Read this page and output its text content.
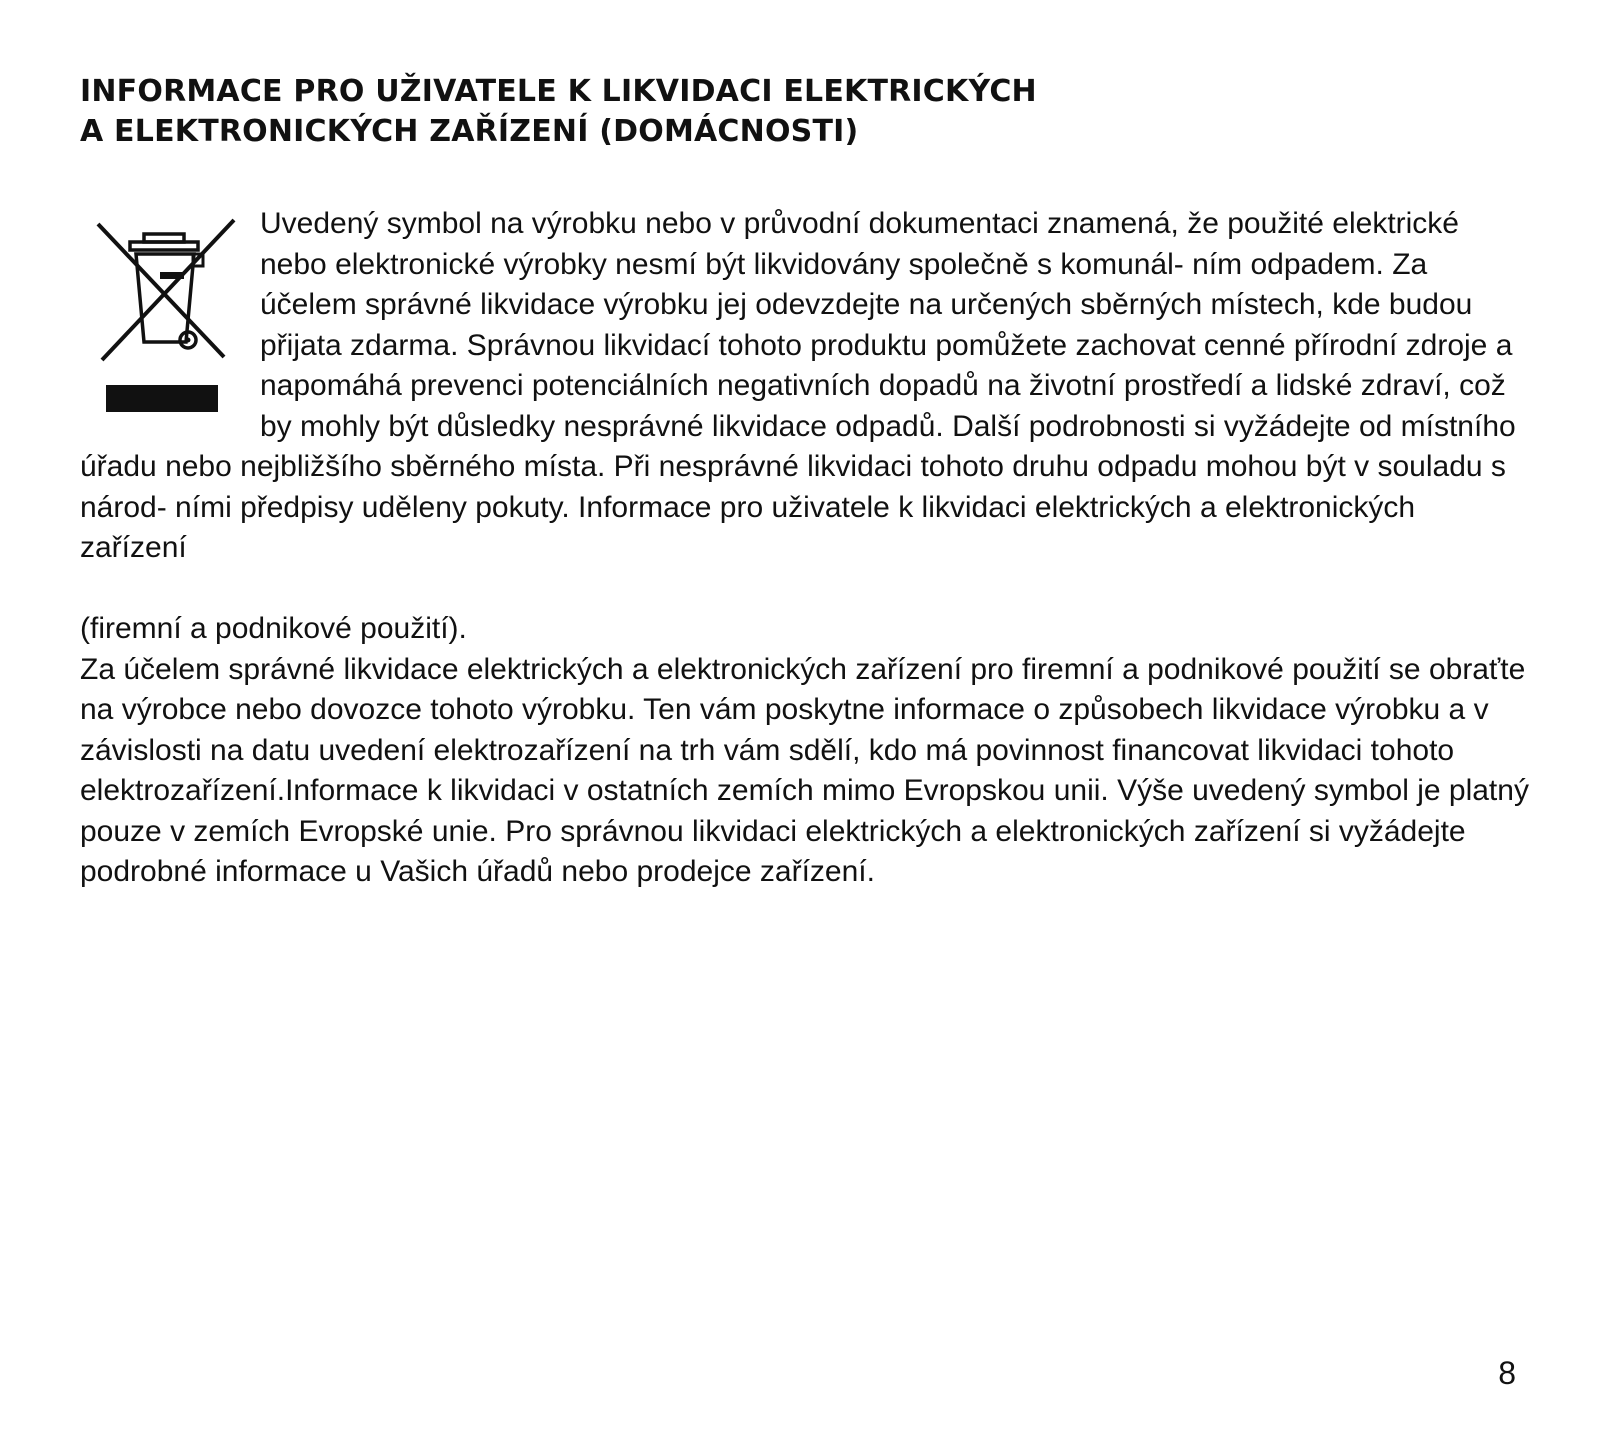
INFORMACE PRO UŽIVATELE K LIKVIDACI ELEKTRICKÝCH
A ELEKTRONICKÝCH ZAŘÍZENÍ (DOMÁCNOSTI)
Uvedený symbol na výrobku nebo v průvodní dokumentaci znamená, že použité elektrické nebo elektronické výrobky nesmí být likvidovány společně s komunál- ním odpadem. Za účelem správné likvidace výrobku jej odevzdejte na určených sběrných místech, kde budou přijata zdarma. Správnou likvidací tohoto produktu pomůžete zachovat cenné přírodní zdroje a napomáhá prevenci potenciálních negativních dopadů na životní prostředí a lidské zdraví, což by mohly být důsledky nesprávné likvidace odpadů. Další podrobnosti si vyžádejte od místního úřadu nebo nejbližšího sběrného místa. Při nesprávné likvidaci tohoto druhu odpadu mohou být v souladu s národ- ními předpisy uděleny pokuty. Informace pro uživatele k likvidaci elektrických a elektronických zařízení

(firemní a podnikové použití).

Za účelem správné likvidace elektrických a elektronických zařízení pro firemní a podnikové použití se obraťte na výrobce nebo dovozce tohoto výrobku. Ten vám poskytne informace o způsobech likvidace výrobku a v závislosti na datu uvedení elektrozařízení na trh vám sdělí, kdo má povinnost financovat likvidaci tohoto elektrozařízení.Informace k likvidaci v ostatních zemích mimo Evropskou unii. Výše uvedený symbol je platný pouze v zemích Evropské unie. Pro správnou likvidaci elektrických a elektronických zařízení si vyžádejte podrobné informace u Vašich úřadů nebo prodejce zařízení.

8
